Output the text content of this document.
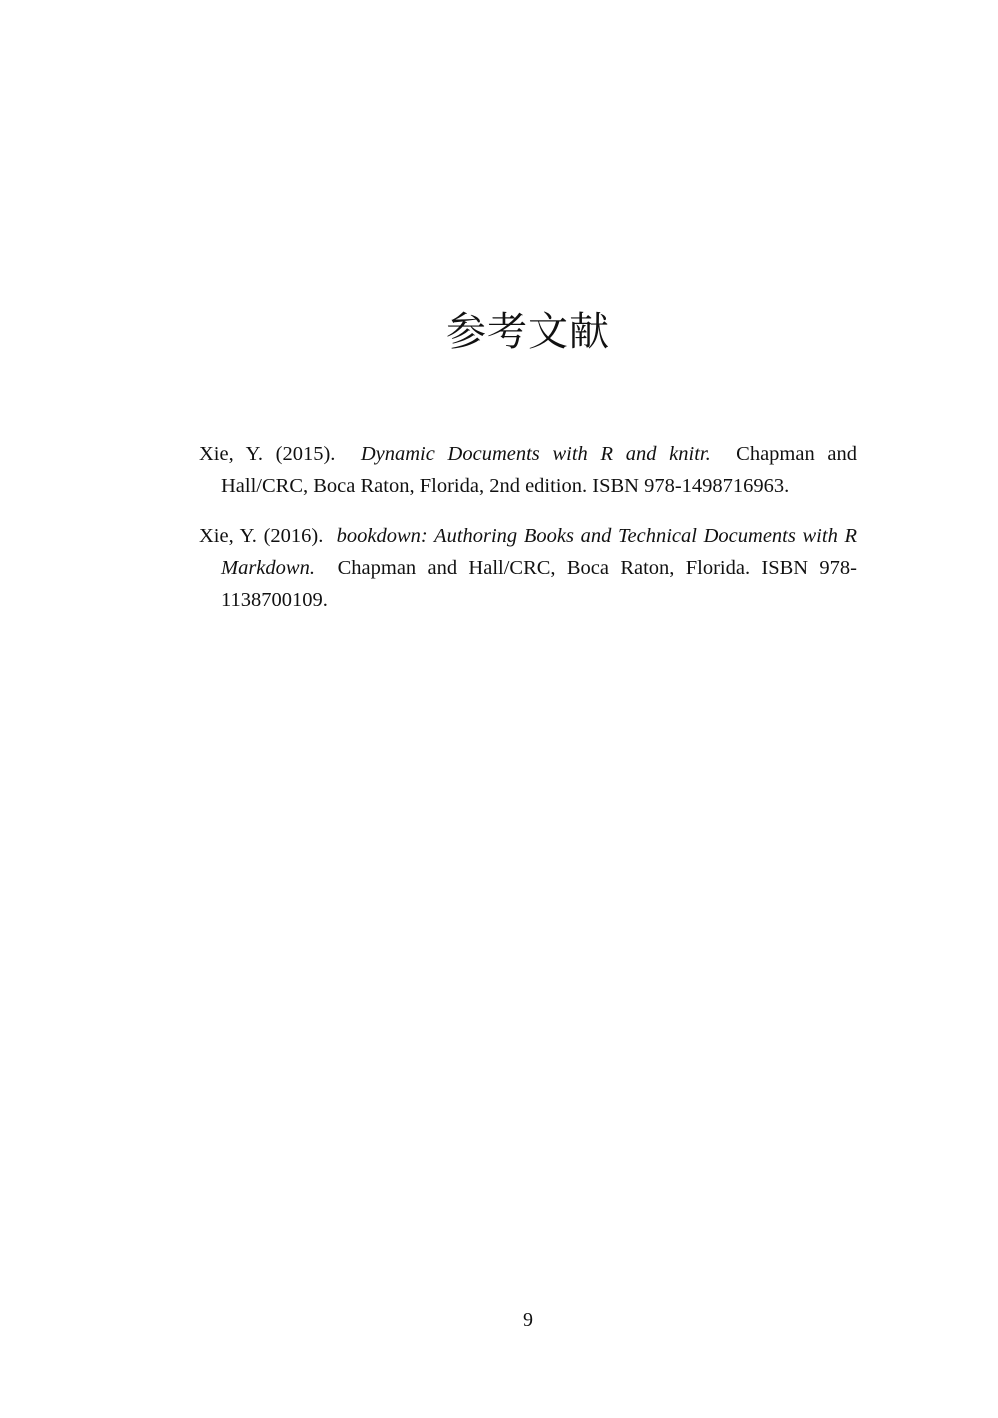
参考文献

Xie, Y. (2015). Dynamic Documents with R and knitr. Chapman and Hall/CRC, Boca Raton, Florida, 2nd edition. ISBN 978-1498716963.

Xie, Y. (2016). bookdown: Authoring Books and Technical Documents with R Markdown. Chapman and Hall/CRC, Boca Raton, Florida. ISBN 978-1138700109.

9
